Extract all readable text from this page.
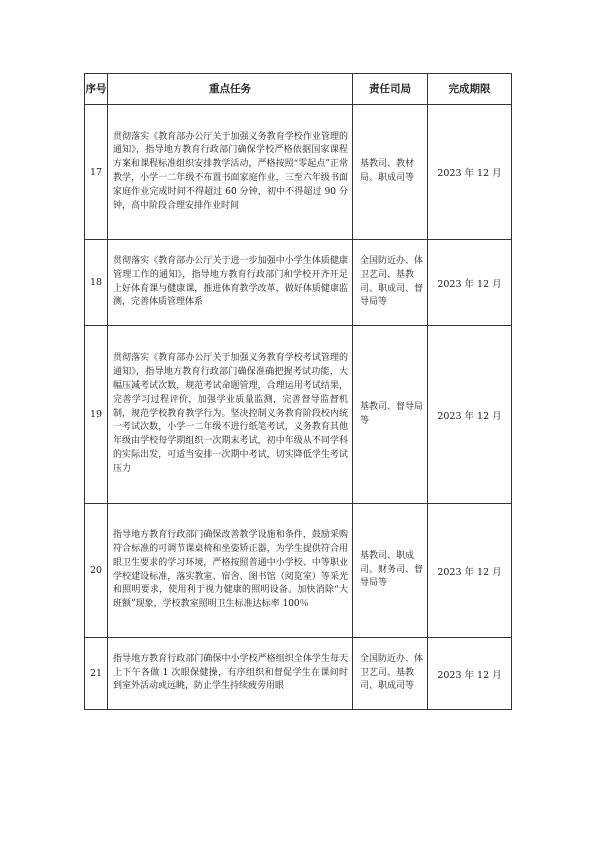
序号	重点任务	责任司局	完成期限
17	贯彻落实《教育部办公厅关于加强义务教育学校作业管理的通知》，指导地方教育行政部门确保学校严格依据国家课程方案和课程标准组织安排教学活动，严格按照“零起点”正常教学，小学一二年级不布置书面家庭作业，三至六年级书面家庭作业完成时间不得超过 60 分钟，初中不得超过 90 分钟，高中阶段合理安排作业时间	基教司、教材局、职成司等	2023 年 12 月
18	贯彻落实《教育部办公厅关于进一步加强中小学生体质健康管理工作的通知》，指导地方教育行政部门和学校开齐开足上好体育课与健康课，推进体育教学改革，做好体质健康监测，完善体质管理体系	全国防近办、体卫艺司、基教司、职成司、督导局等	2023 年 12 月
19	贯彻落实《教育部办公厅关于加强义务教育学校考试管理的通知》，指导地方教育行政部门确保准确把握考试功能，大幅压减考试次数，规范考试命题管理，合理运用考试结果，完善学习过程评价，加强学业质量监测，完善督导监督机制，规范学校教育教学行为。坚决控制义务教育阶段校内统一考试次数，小学一二年级不进行纸笔考试，义务教育其他年级由学校每学期组织一次期末考试，初中年级从不同学科的实际出发，可适当安排一次期中考试，切实降低学生考试压力	基教司、督导局等	2023 年 12 月
20	指导地方教育行政部门确保改善教学设施和条件，鼓励采购符合标准的可调节课桌椅和坐姿矫正器，为学生提供符合用眼卫生要求的学习环境，严格按照普通中小学校、中等职业学校建设标准，落实教室、宿舍、图书馆（阅览室）等采光和照明要求，使用利于视力健康的照明设备。加快消除“大班额”现象，学校教室照明卫生标准达标率 100％	基教司、职成司、财务司、督导局等	2023 年 12 月
21	指导地方教育行政部门确保中小学校严格组织全体学生每天上下午各做 1 次眼保健操，有序组织和督促学生在课间时到室外活动或远眺，防止学生持续疲劳用眼	全国防近办、体卫艺司、基教司、职成司等	2023 年 12 月
